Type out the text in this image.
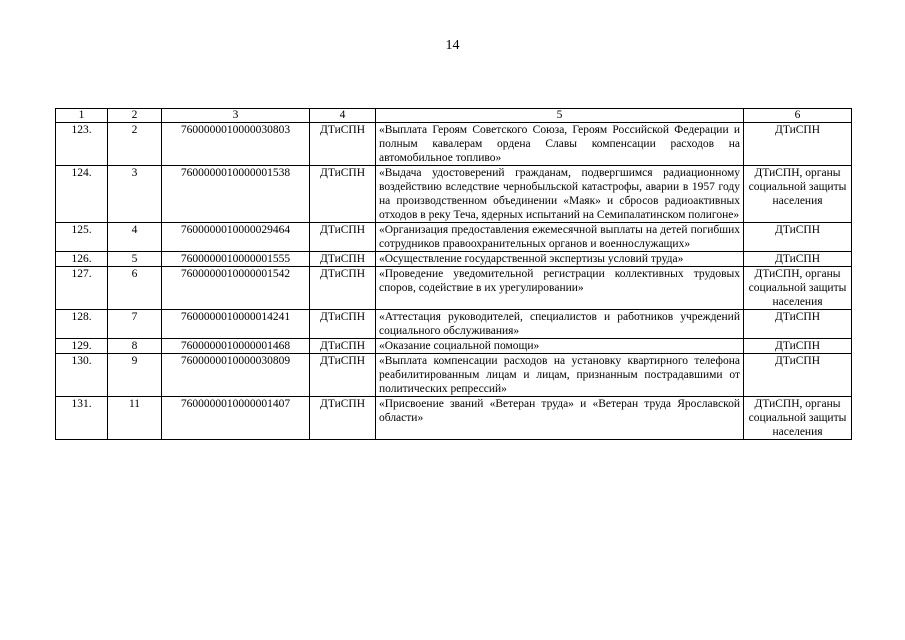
14
1	2	3	4	5	6
123.	2	7600000010000030803	ДТиСПН	«Выплата Героям Советского Союза, Героям Российской Федерации и полным кавалерам ордена Славы компенсации расходов на автомобильное топливо»	ДТиСПН
124.	3	7600000010000001538	ДТиСПН	«Выдача удостоверений гражданам, подвергшимся радиационному воздействию вследствие чернобыльской катастрофы, аварии в 1957 году на производственном объединении «Маяк» и сбросов радиоактивных отходов в реку Теча, ядерных испытаний на Семипалатинском полигоне»	ДТиСПН, органы социальной защиты населения
125.	4	7600000010000029464	ДТиСПН	«Организация предоставления ежемесячной выплаты на детей погибших сотрудников правоохранительных органов и военнослужащих»	ДТиСПН
126.	5	7600000010000001555	ДТиСПН	«Осуществление государственной экспертизы условий труда»	ДТиСПН
127.	6	7600000010000001542	ДТиСПН	«Проведение уведомительной регистрации коллективных трудовых споров, содействие в их урегулировании»	ДТиСПН, органы социальной защиты населения
128.	7	7600000010000014241	ДТиСПН	«Аттестация руководителей, специалистов и работников учреждений социального обслуживания»	ДТиСПН
129.	8	7600000010000001468	ДТиСПН	«Оказание социальной помощи»	ДТиСПН
130.	9	7600000010000030809	ДТиСПН	«Выплата компенсации расходов на установку квартирного телефона реабилитированным лицам и лицам, признанным пострадавшими от политических репрессий»	ДТиСПН
131.	11	7600000010000001407	ДТиСПН	«Присвоение званий «Ветеран труда» и «Ветеран труда Ярославской области»	ДТиСПН, органы социальной защиты населения
